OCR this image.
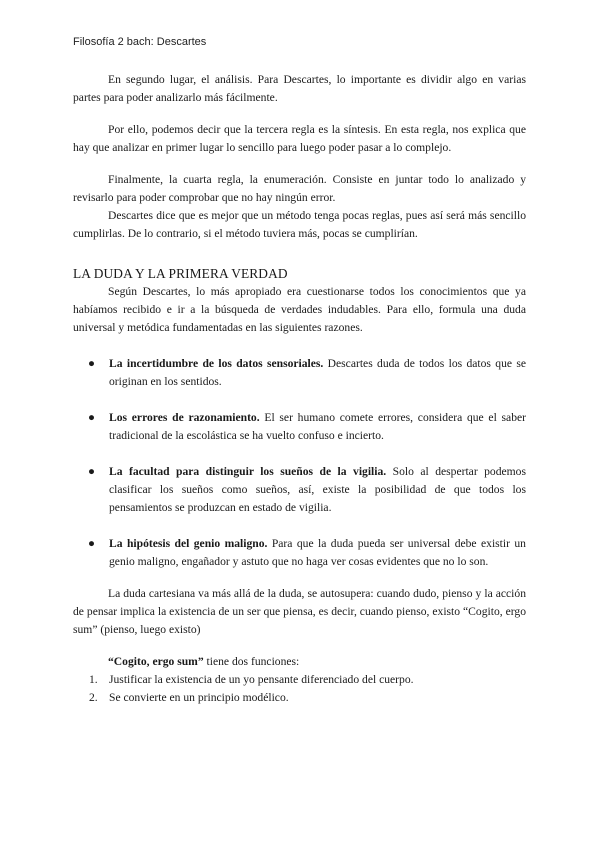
Filosofía 2 bach: Descartes

En segundo lugar, el análisis. Para Descartes, lo importante es dividir algo en varias partes para poder analizarlo más fácilmente.

Por ello, podemos decir que la tercera regla es la síntesis. En esta regla, nos explica que hay que analizar en primer lugar lo sencillo para luego poder pasar a lo complejo.

Finalmente, la cuarta regla, la enumeración. Consiste en juntar todo lo analizado y revisarlo para poder comprobar que no hay ningún error.

Descartes dice que es mejor que un método tenga pocas reglas, pues así será más sencillo cumplirlas. De lo contrario, si el método tuviera más, pocas se cumplirían.

LA DUDA Y LA PRIMERA VERDAD

Según Descartes, lo más apropiado era cuestionarse todos los conocimientos que ya habíamos recibido e ir a la búsqueda de verdades indudables. Para ello, formula una duda universal y metódica fundamentadas en las siguientes razones.

● La incertidumbre de los datos sensoriales. Descartes duda de todos los datos que se originan en los sentidos.
● Los errores de razonamiento. El ser humano comete errores, considera que el saber tradicional de la escolástica se ha vuelto confuso e incierto.
● La facultad para distinguir los sueños de la vigilia. Solo al despertar podemos clasificar los sueños como sueños, así, existe la posibilidad de que todos los pensamientos se produzcan en estado de vigilia.
● La hipótesis del genio maligno. Para que la duda pueda ser universal debe existir un genio maligno, engañador y astuto que no haga ver cosas evidentes que no lo son.

La duda cartesiana va más allá de la duda, se autosupera: cuando dudo, pienso y la acción de pensar implica la existencia de un ser que piensa, es decir, cuando pienso, existo “Cogito, ergo sum” (pienso, luego existo)

“Cogito, ergo sum” tiene dos funciones:

1. Justificar la existencia de un yo pensante diferenciado del cuerpo.
2. Se convierte en un principio modélico.
